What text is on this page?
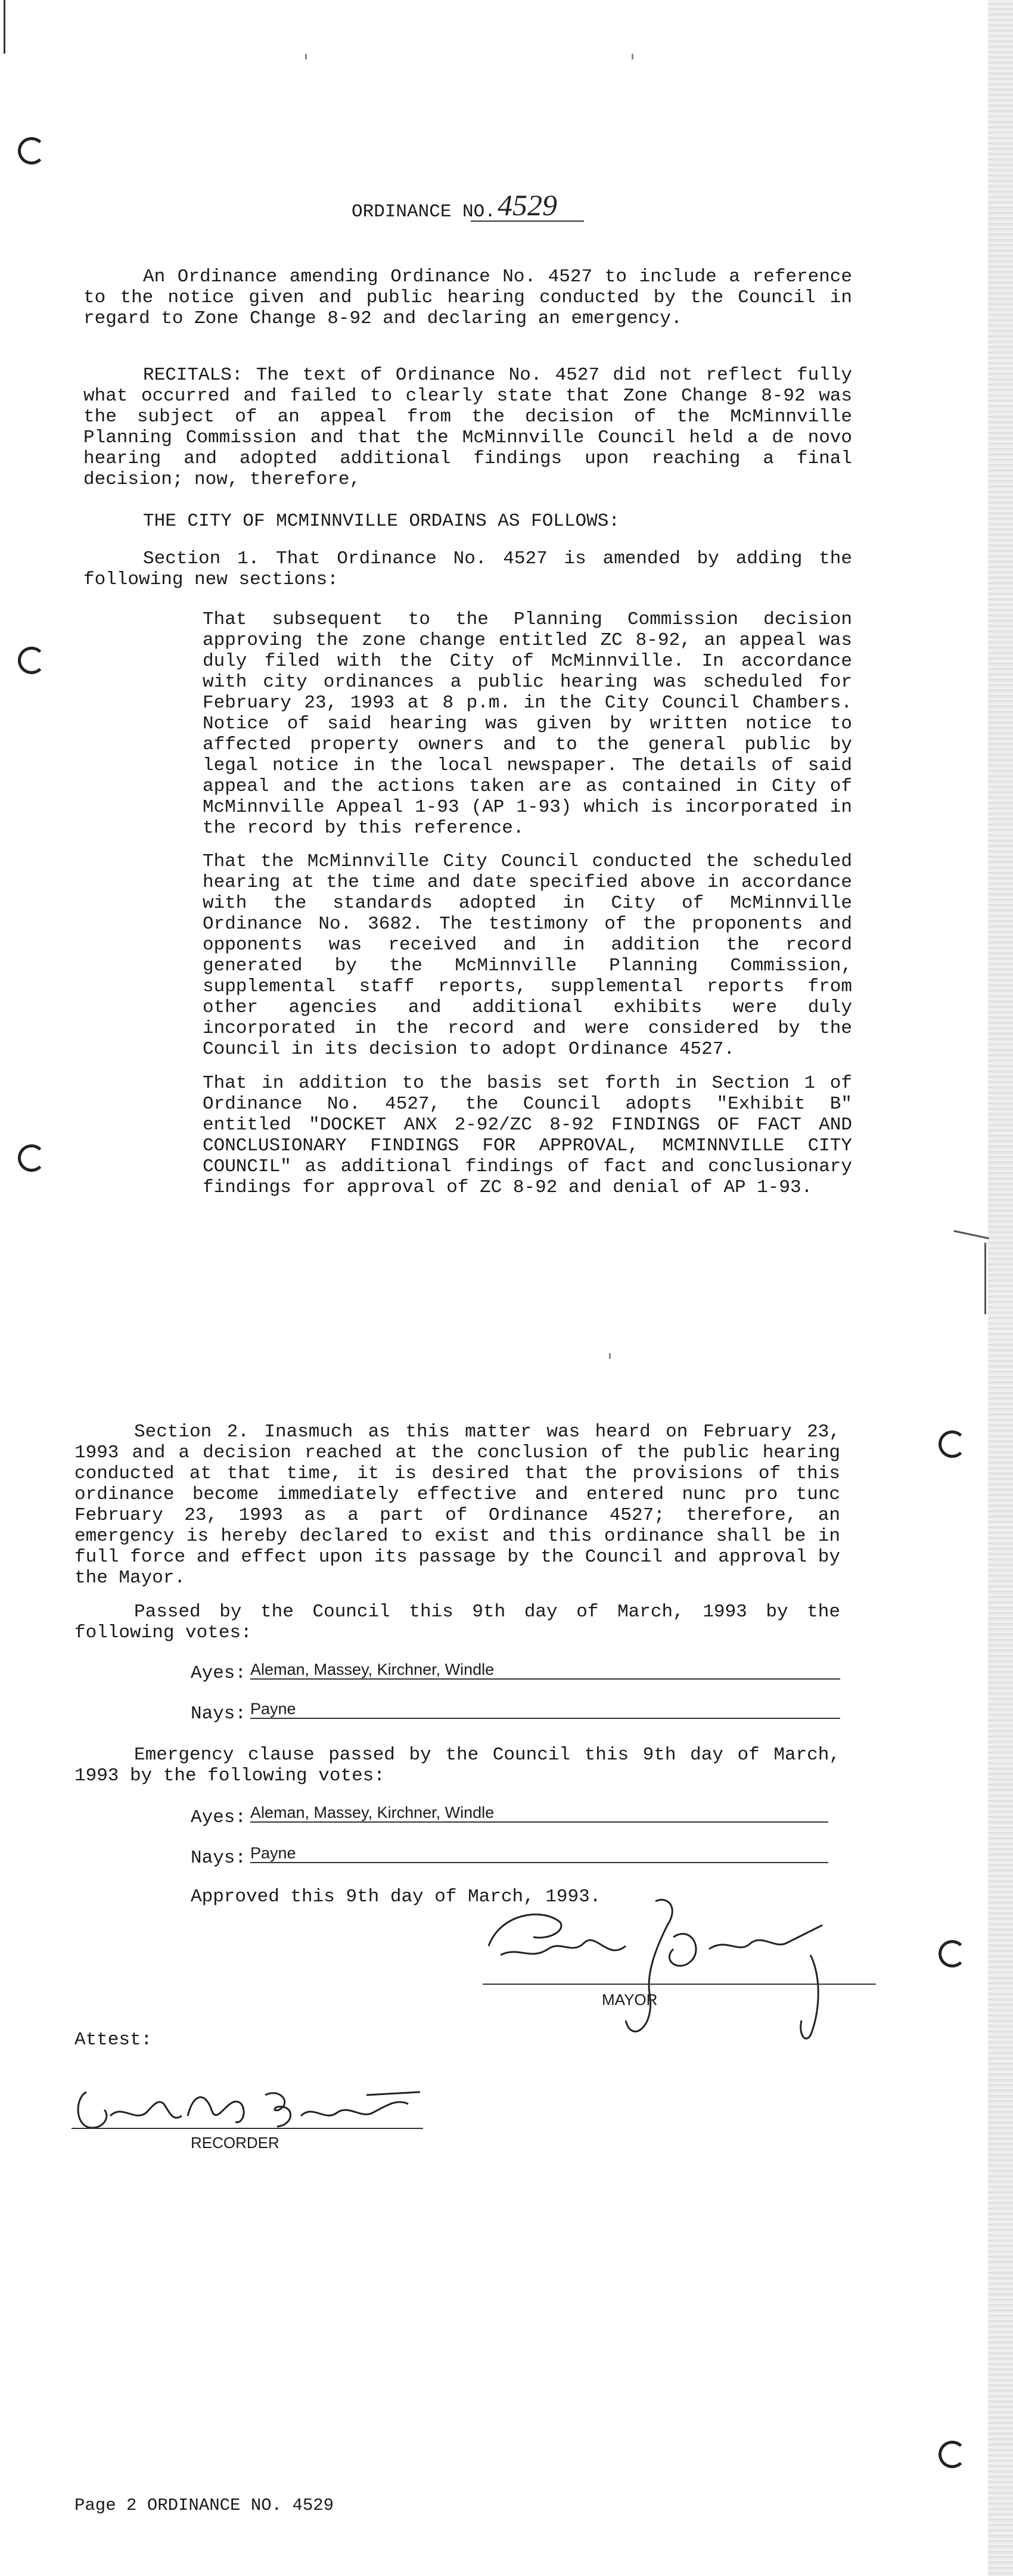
ORDINANCE NO. 4529
An Ordinance amending Ordinance No. 4527 to include a reference to the notice given and public hearing conducted by the Council in regard to Zone Change 8-92 and declaring an emergency.
RECITALS: The text of Ordinance No. 4527 did not reflect fully what occurred and failed to clearly state that Zone Change 8-92 was the subject of an appeal from the decision of the McMinnville Planning Commission and that the McMinnville Council held a de novo hearing and adopted additional findings upon reaching a final decision; now, therefore,
THE CITY OF MCMINNVILLE ORDAINS AS FOLLOWS:
Section 1. That Ordinance No. 4527 is amended by adding the following new sections:
That subsequent to the Planning Commission decision approving the zone change entitled ZC 8-92, an appeal was duly filed with the City of McMinnville. In accordance with city ordinances a public hearing was scheduled for February 23, 1993 at 8 p.m. in the City Council Chambers. Notice of said hearing was given by written notice to affected property owners and to the general public by legal notice in the local newspaper. The details of said appeal and the actions taken are as contained in City of McMinnville Appeal 1-93 (AP 1-93) which is incorporated in the record by this reference.
That the McMinnville City Council conducted the scheduled hearing at the time and date specified above in accordance with the standards adopted in City of McMinnville Ordinance No. 3682. The testimony of the proponents and opponents was received and in addition the record generated by the McMinnville Planning Commission, supplemental staff reports, supplemental reports from other agencies and additional exhibits were duly incorporated in the record and were considered by the Council in its decision to adopt Ordinance 4527.
That in addition to the basis set forth in Section 1 of Ordinance No. 4527, the Council adopts "Exhibit B" entitled "DOCKET ANX 2-92/ZC 8-92 FINDINGS OF FACT AND CONCLUSIONARY FINDINGS FOR APPROVAL, MCMINNVILLE CITY COUNCIL" as additional findings of fact and conclusionary findings for approval of ZC 8-92 and denial of AP 1-93.
Section 2. Inasmuch as this matter was heard on February 23, 1993 and a decision reached at the conclusion of the public hearing conducted at that time, it is desired that the provisions of this ordinance become immediately effective and entered nunc pro tunc February 23, 1993 as a part of Ordinance 4527; therefore, an emergency is hereby declared to exist and this ordinance shall be in full force and effect upon its passage by the Council and approval by the Mayor.
Passed by the Council this 9th day of March, 1993 by the following votes:
Ayes: Aleman, Massey, Kirchner, Windle
Nays: Payne
Emergency clause passed by the Council this 9th day of March, 1993 by the following votes:
Ayes: Aleman, Massey, Kirchner, Windle
Nays: Payne
Approved this 9th day of March, 1993.
MAYOR
Attest:
RECORDER
Page 2 ORDINANCE NO. 4529
